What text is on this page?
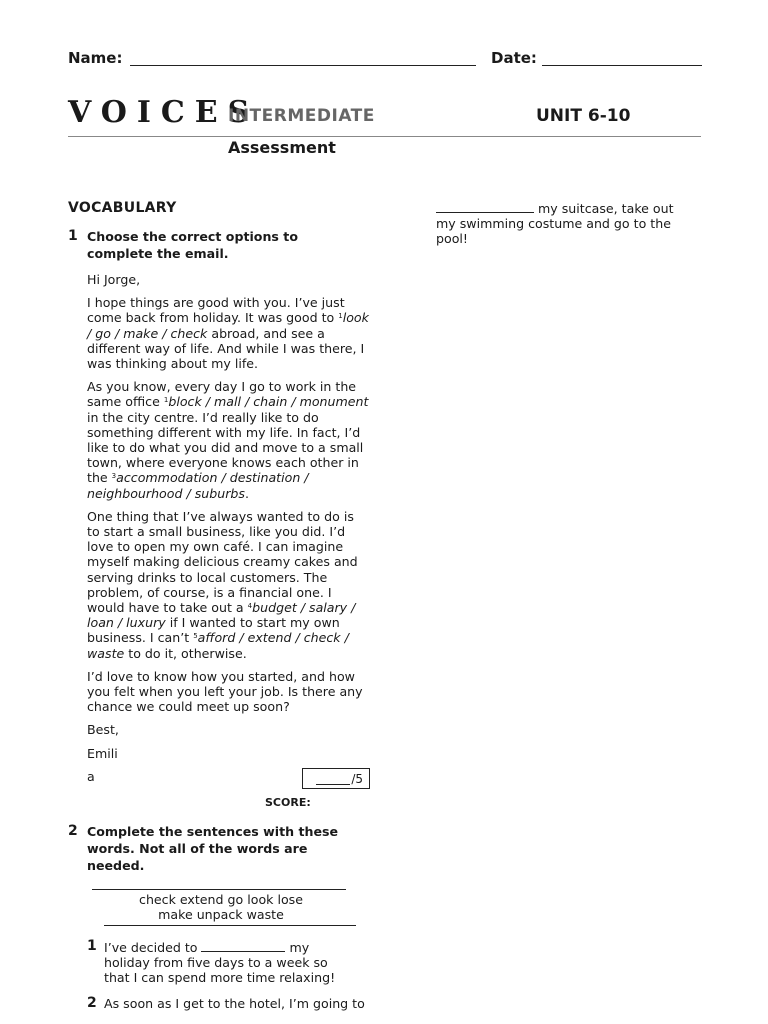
Name:	Date:
VOICES
INTERMEDIATE	UNIT 6-10
Assessment
VOCABULARY
1 Choose the correct options to complete the email.

Hi Jorge,

I hope things are good with you. I’ve just come back from holiday. It was good to $^1$look / go / make / check abroad, and see a different way of life. And while I was there, I was thinking about my life.

As you know, every day I go to work in the same office $^1$block / mall / chain / monument in the city centre. I’d really like to do something different with my life. In fact, I’d like to do what you did and move to a small town, where everyone knows each other in the $^3$accommodation / destination / neighbourhood / suburbs.

One thing that I’ve always wanted to do is to start a small business, like you did. I’d love to open my own café. I can imagine myself making delicious creamy cakes and serving drinks to local customers. The problem, of course, is a financial one. I would have to take out a $^4$budget / salary / loan / luxury if I wanted to start my own business. I can’t $^5$afford / extend / check / waste to do it, otherwise.

I’d love to know how you started, and how you felt when you left your job. Is there any chance we could meet up soon?

Best,

Emili

a	/5
SCORE:
2 Complete the sentences with these words. Not all of the words are needed.
check extend go look lose
make unpack waste
1 I’ve decided to	my holiday from five days to a week so that I can spend more time relaxing!
2 As soon as I get to the hotel, I’m going to
my suitcase, take out my swimming costume and go to the pool!
